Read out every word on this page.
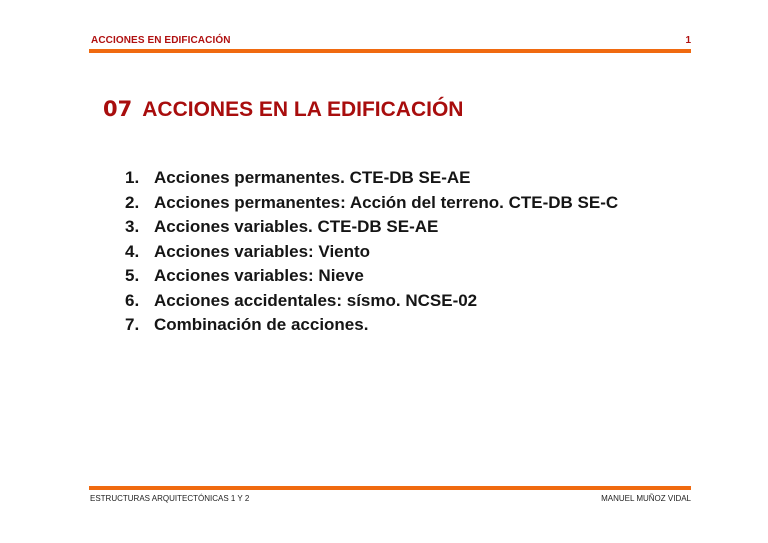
ACCIONES EN EDIFICACIÓN	1
07 ACCIONES EN LA EDIFICACIÓN
1. Acciones permanentes. CTE-DB SE-AE
2. Acciones permanentes: Acción del terreno. CTE-DB SE-C
3. Acciones variables. CTE-DB SE-AE
4. Acciones variables: Viento
5. Acciones variables: Nieve
6. Acciones accidentales: sísmo. NCSE-02
7. Combinación de acciones.
ESTRUCTURAS ARQUITECTÓNICAS 1 Y 2	MANUEL MUÑOZ VIDAL
